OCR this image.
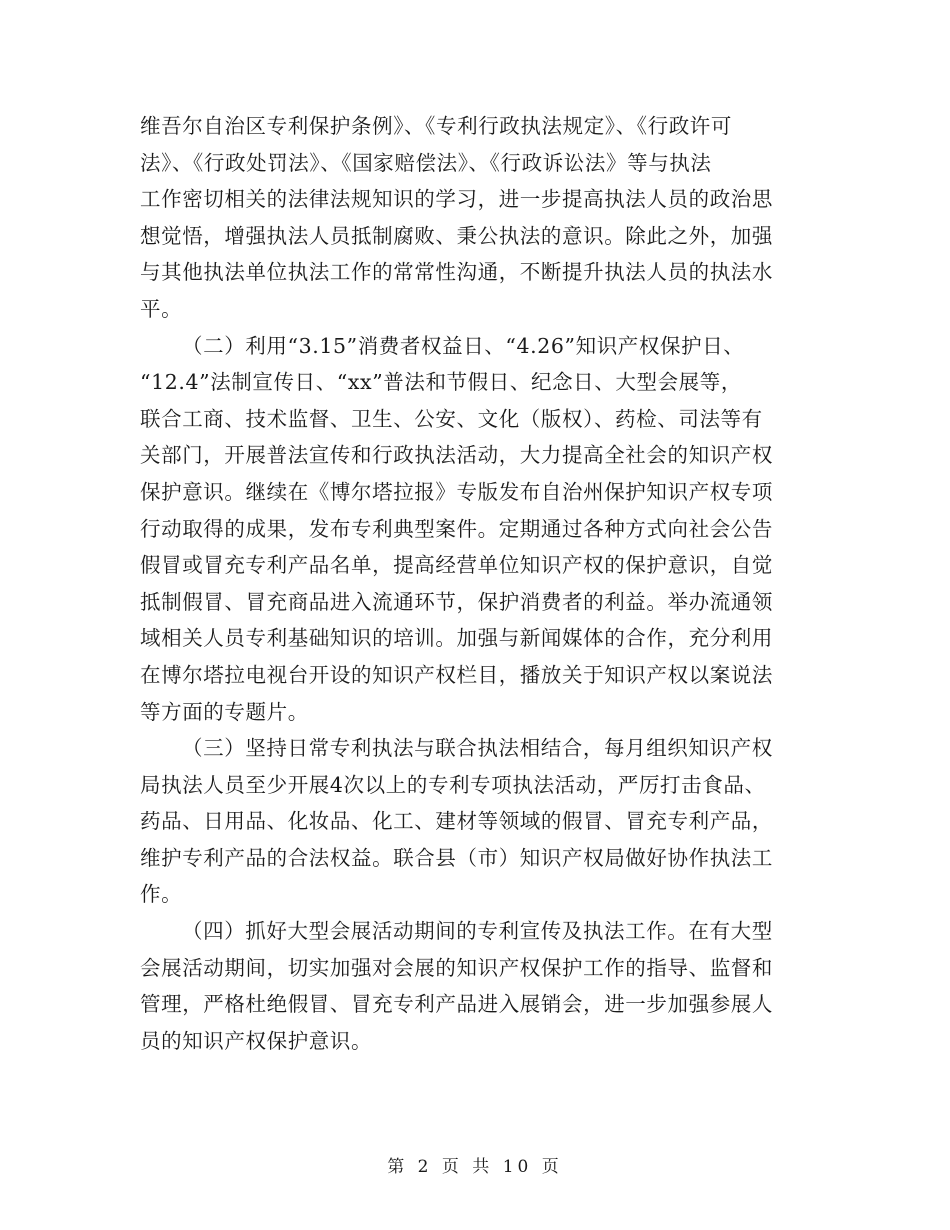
维吾尔自治区专利保护条例》、《专利行政执法规定》、《行政许可
法》、《行政处罚法》、《国家赔偿法》、《行政诉讼法》等与执法
工作密切相关的法律法规知识的学习，进一步提高执法人员的政治思
想觉悟，增强执法人员抵制腐败、秉公执法的意识。除此之外，加强
与其他执法单位执法工作的常常性沟通，不断提升执法人员的执法水
平。
（二）利用“3.15”消费者权益日、“4.26”知识产权保护日、
“12.4”法制宣传日、“xx”普法和节假日、纪念日、大型会展等，
联合工商、技术监督、卫生、公安、文化（版权）、药检、司法等有
关部门，开展普法宣传和行政执法活动，大力提高全社会的知识产权
保护意识。继续在《博尔塔拉报》专版发布自治州保护知识产权专项
行动取得的成果，发布专利典型案件。定期通过各种方式向社会公告
假冒或冒充专利产品名单，提高经营单位知识产权的保护意识，自觉
抵制假冒、冒充商品进入流通环节，保护消费者的利益。举办流通领
域相关人员专利基础知识的培训。加强与新闻媒体的合作，充分利用
在博尔塔拉电视台开设的知识产权栏目，播放关于知识产权以案说法
等方面的专题片。
（三）坚持日常专利执法与联合执法相结合，每月组织知识产权
局执法人员至少开展4次以上的专利专项执法活动，严厉打击食品、
药品、日用品、化妆品、化工、建材等领域的假冒、冒充专利产品，
维护专利产品的合法权益。联合县（市）知识产权局做好协作执法工
作。
（四）抓好大型会展活动期间的专利宣传及执法工作。在有大型
会展活动期间，切实加强对会展的知识产权保护工作的指导、监督和
管理，严格杜绝假冒、冒充专利产品进入展销会，进一步加强参展人
员的知识产权保护意识。
第 2 页 共 10 页
